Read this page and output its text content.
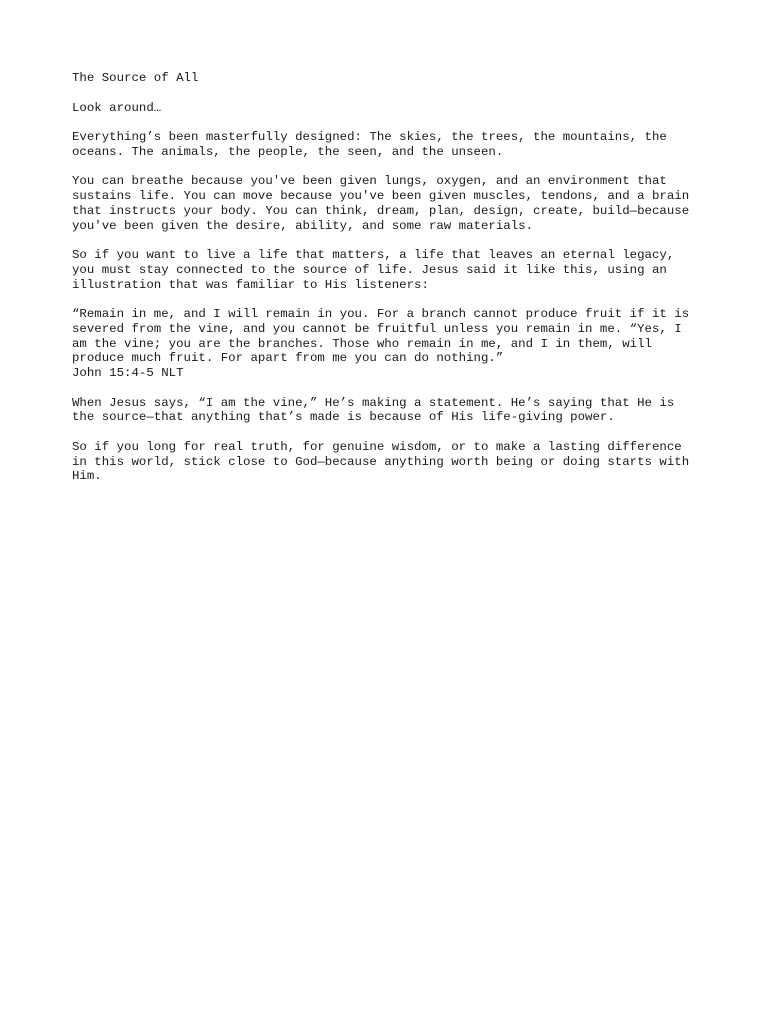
The Source of All
Look around…
Everything’s been masterfully designed: The skies, the trees, the mountains, the
oceans. The animals, the people, the seen, and the unseen.
You can breathe because you've been given lungs, oxygen, and an environment that
sustains life. You can move because you've been given muscles, tendons, and a brain
that instructs your body. You can think, dream, plan, design, create, build—because
you've been given the desire, ability, and some raw materials.
So if you want to live a life that matters, a life that leaves an eternal legacy,
you must stay connected to the source of life. Jesus said it like this, using an
illustration that was familiar to His listeners:
“Remain in me, and I will remain in you. For a branch cannot produce fruit if it is
severed from the vine, and you cannot be fruitful unless you remain in me. “Yes, I
am the vine; you are the branches. Those who remain in me, and I in them, will
produce much fruit. For apart from me you can do nothing.”
John 15:4-5 NLT
When Jesus says, “I am the vine,” He’s making a statement. He’s saying that He is
the source—that anything that’s made is because of His life-giving power.
So if you long for real truth, for genuine wisdom, or to make a lasting difference
in this world, stick close to God—because anything worth being or doing starts with
Him.
